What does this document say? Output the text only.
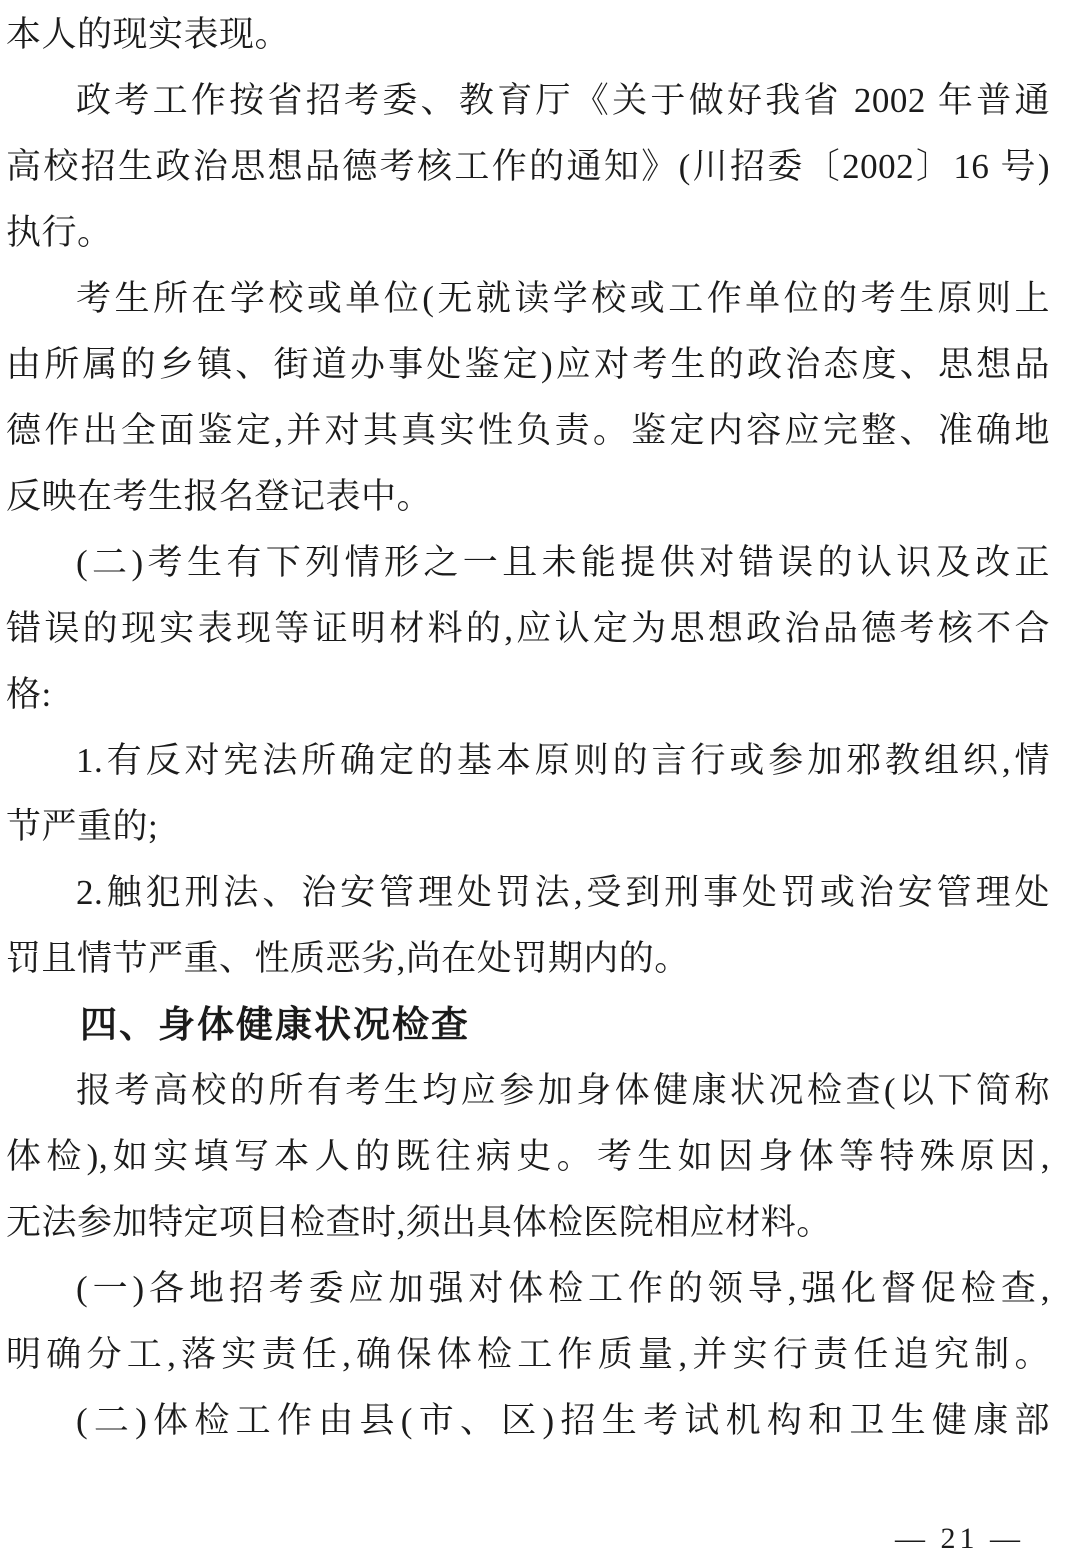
本人的现实表现。
政考工作按省招考委、教育厅《关于做好我省 2002 年普通
高校招生政治思想品德考核工作的通知》(川招委〔2002〕16 号)
执行。
考生所在学校或单位(无就读学校或工作单位的考生原则上
由所属的乡镇、街道办事处鉴定)应对考生的政治态度、思想品
德作出全面鉴定,并对其真实性负责。鉴定内容应完整、准确地
反映在考生报名登记表中。
(二)考生有下列情形之一且未能提供对错误的认识及改正
错误的现实表现等证明材料的,应认定为思想政治品德考核不合
格:
1.有反对宪法所确定的基本原则的言行或参加邪教组织,情
节严重的;
2.触犯刑法、治安管理处罚法,受到刑事处罚或治安管理处
罚且情节严重、性质恶劣,尚在处罚期内的。
四、身体健康状况检查
报考高校的所有考生均应参加身体健康状况检查(以下简称
体检),如实填写本人的既往病史。考生如因身体等特殊原因,
无法参加特定项目检查时,须出具体检医院相应材料。
(一)各地招考委应加强对体检工作的领导,强化督促检查,
明确分工,落实责任,确保体检工作质量,并实行责任追究制。
(二)体检工作由县(市、区)招生考试机构和卫生健康部
— 21 —
